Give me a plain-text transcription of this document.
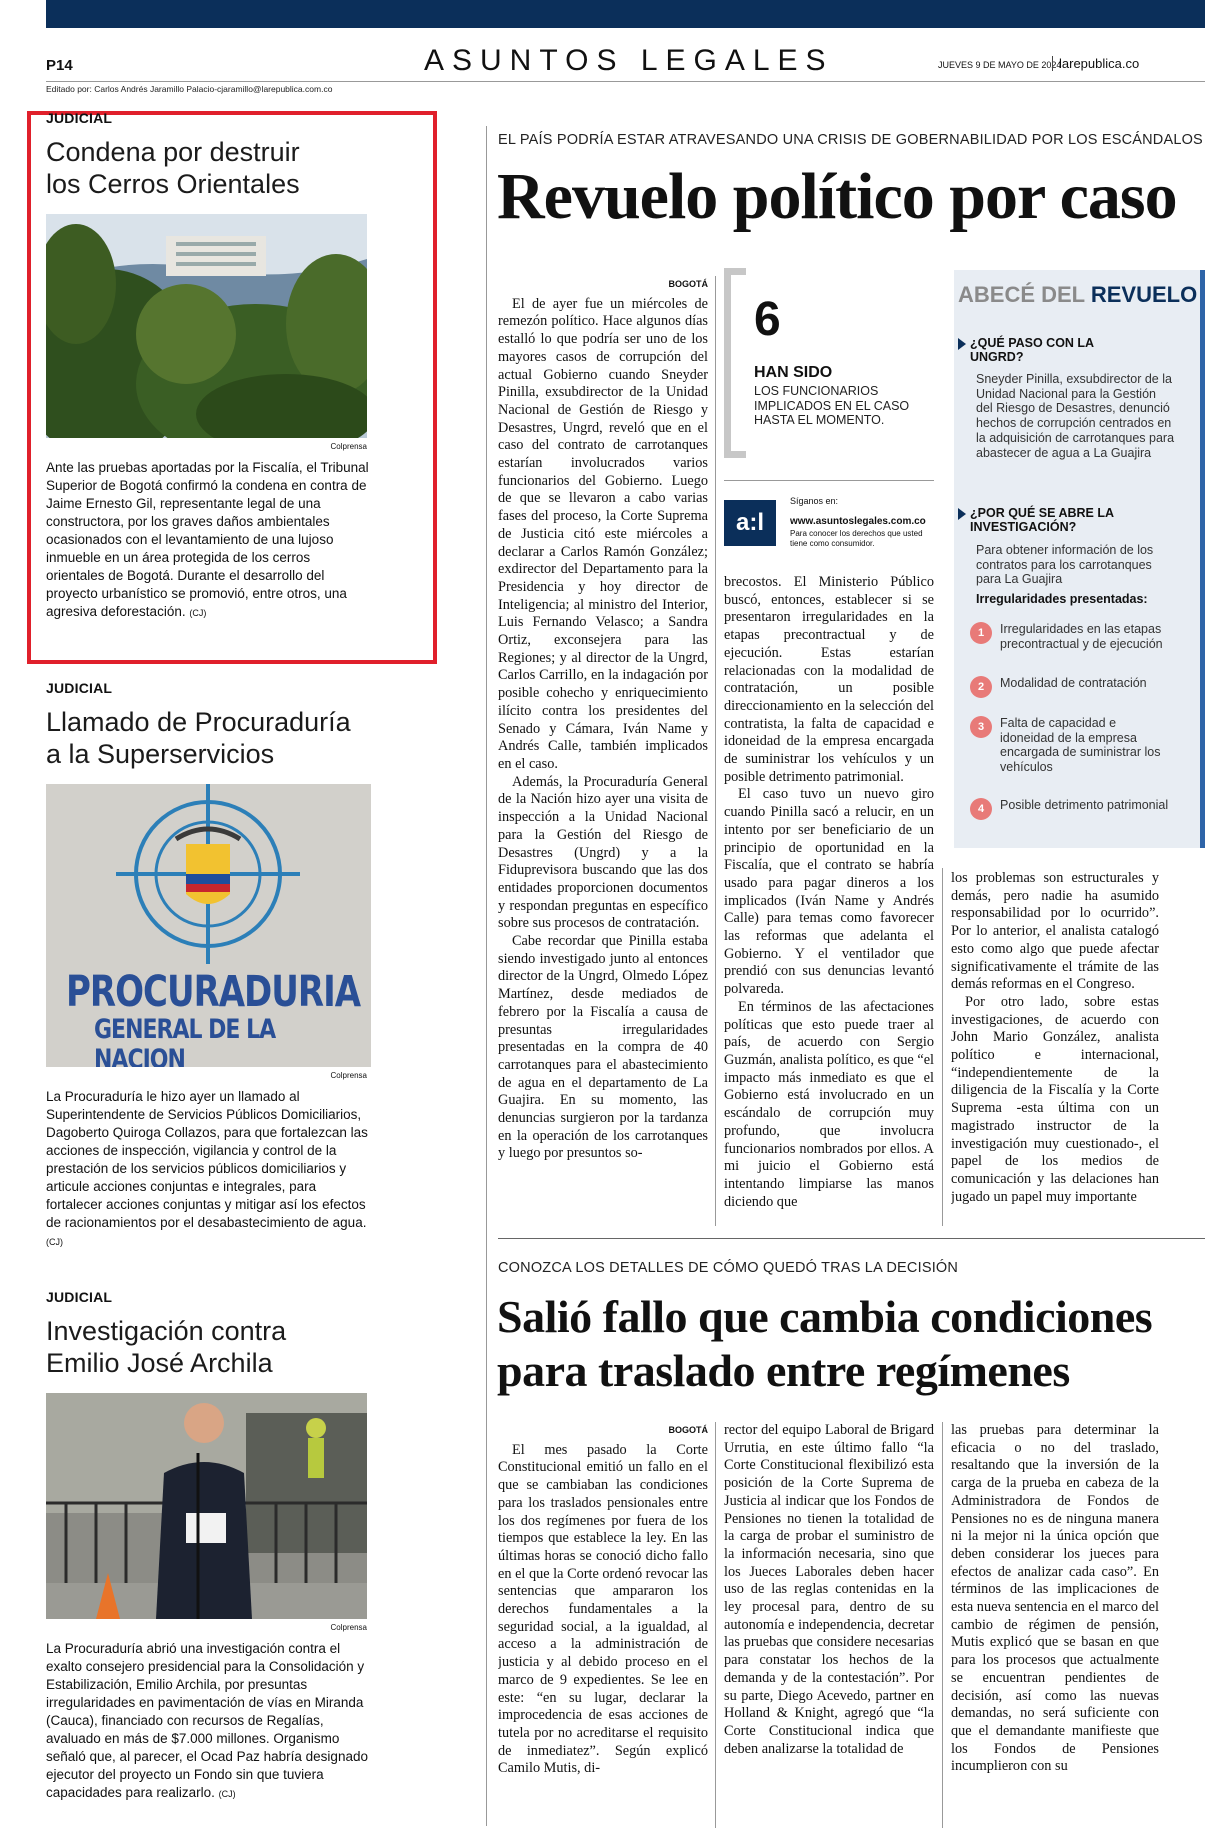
P14	ASUNTOS LEGALES	JUEVES 9 DE MAYO DE 2024
larepublica.co
Editado por: Carlos Andrés Jaramillo Palacio-cjaramillo@larepublica.com.co
JUDICIAL
Condena por destruir
los Cerros Orientales
Colprensa

Ante las pruebas aportadas por la Fiscalía, el Tribunal Superior de Bogotá confirmó la condena en contra de Jaime Ernesto Gil, representante legal de una constructora, por los graves daños ambientales ocasionados con el levantamiento de una lujoso inmueble en un área protegida de los cerros orientales de Bogotá. Durante el desarrollo del proyecto urbanístico se promovió, entre otros, una agresiva deforestación. (CJ)

JUDICIAL
Llamado de Procuraduría
a la Superservicios
PROCURADURIA
GENERAL DE LA NACION
Colprensa

La Procuraduría le hizo ayer un llamado al Superintendente de Servicios Públicos Domiciliarios, Dagoberto Quiroga Collazos, para que fortalezcan las acciones de inspección, vigilancia y control de la prestación de los servicios públicos domiciliarios y articule acciones conjuntas e integrales, para fortalecer acciones conjuntas y mitigar así los efectos de racionamientos por el desabastecimiento de agua. (CJ)

JUDICIAL
Investigación contra
Emilio José Archila
Colprensa

La Procuraduría abrió una investigación contra el exalto consejero presidencial para la Consolidación y Estabilización, Emilio Archila, por presuntas irregularidades en pavimentación de vías en Miranda (Cauca), financiado con recursos de Regalías, avaluado en más de $7.000 millones. Organismo señaló que, al parecer, el Ocad Paz habría designado ejecutor del proyecto un Fondo sin que tuviera capacidades para realizarlo. (CJ)

EL PAÍS PODRÍA ESTAR ATRAVESANDO UNA CRISIS DE GOBERNABILIDAD POR LOS ESCÁNDALOS
Revuelo político por caso

BOGOTÁ

El de ayer fue un miércoles de remezón político. Hace algunos días estalló lo que podría ser uno de los mayores casos de corrupción del actual Gobierno cuando Sneyder Pinilla, exsubdirector de la Unidad Nacional de Gestión de Riesgo y Desastres, Ungrd, reveló que en el caso del contrato de carrotanques estarían involucrados varios funcionarios del Gobierno. Luego de que se llevaron a cabo varias fases del proceso, la Corte Suprema de Justicia citó este miércoles a declarar a Carlos Ramón González; exdirector del Departamento para la Presidencia y hoy director de Inteligencia; al ministro del Interior, Luis Fernando Velasco; a Sandra Ortiz, exconsejera para las Regiones; y al director de la Ungrd, Carlos Carrillo, en la indagación por posible cohecho y enriquecimiento ilícito contra los presidentes del Senado y Cámara, Iván Name y Andrés Calle, también implicados en el caso.

Además, la Procuraduría General de la Nación hizo ayer una visita de inspección a la Unidad Nacional para la Gestión del Riesgo de Desastres (Ungrd) y a la Fiduprevisora buscando que las dos entidades proporcionen documentos y respondan preguntas en específico sobre sus procesos de contratación.

Cabe recordar que Pinilla estaba siendo investigado junto al entonces director de la Ungrd, Olmedo López Martínez, desde mediados de febrero por la Fiscalía a causa de presuntas irregularidades presentadas en la compra de 40 carrotanques para el abastecimiento de agua en el departamento de La Guajira. En su momento, las denuncias surgieron por la tardanza en la operación de los carrotanques y luego por presuntos so-

6
HAN SIDO
LOS FUNCIONARIOS IMPLICADOS EN EL CASO HASTA EL MOMENTO.
a:l
Síganos en:
www.asuntoslegales.com.co
Para conocer los derechos que usted tiene como consumidor.

brecostos. El Ministerio Público buscó, entonces, establecer si se presentaron irregularidades en la etapas precontractual y de ejecución. Estas estarían relacionadas con la modalidad de contratación, un posible direccionamiento en la selección del contratista, la falta de capacidad e idoneidad de la empresa encargada de suministrar los vehículos y un posible detrimento patrimonial.

El caso tuvo un nuevo giro cuando Pinilla sacó a relucir, en un intento por ser beneficiario de un principio de oportunidad en la Fiscalía, que el contrato se habría usado para pagar dineros a los implicados (Iván Name y Andrés Calle) para temas como favorecer las reformas que adelanta el Gobierno. Y el ventilador que prendió con sus denuncias levantó polvareda.

En términos de las afectaciones políticas que esto puede traer al país, de acuerdo con Sergio Guzmán, analista político, es que “el impacto más inmediato es que el Gobierno está involucrado en un escándalo de corrupción muy profundo, que involucra funcionarios nombrados por ellos. A mi juicio el Gobierno está intentando limpiarse las manos diciendo que

ABECÉ DEL REVUELO
¿QUÉ PASO CON LA UNGRD?
Sneyder Pinilla, exsubdirector de la Unidad Nacional para la Gestión del Riesgo de Desastres, denunció hechos de corrupción centrados en la adquisición de carrotanques para abastecer de agua a La Guajira
¿POR QUÉ SE ABRE LA INVESTIGACIÓN?
Para obtener información de los contratos para los carrotanques para La Guajira
Irregularidades presentadas:
1	Irregularidades en las etapas precontractual y de ejecución
2	Modalidad de contratación
3	Falta de capacidad e idoneidad de la empresa encargada de suministrar los vehículos
4	Posible detrimento patrimonial

los problemas son estructurales y demás, pero nadie ha asumido responsabilidad por lo ocurrido”. Por lo anterior, el analista catalogó esto como algo que puede afectar significativamente el trámite de las demás reformas en el Congreso.

Por otro lado, sobre estas investigaciones, de acuerdo con John Mario González, analista político e internacional, “independientemente de la diligencia de la Fiscalía y la Corte Suprema -esta última con un magistrado instructor de la investigación muy cuestionado-, el papel de los medios de comunicación y las delaciones han jugado un papel muy importante

CONOZCA LOS DETALLES DE CÓMO QUEDÓ TRAS LA DECISIÓN
Salió fallo que cambia condiciones
para traslado entre regímenes

BOGOTÁ

El mes pasado la Corte Constitucional emitió un fallo en el que se cambiaban las condiciones para los traslados pensionales entre los dos regímenes por fuera de los tiempos que establece la ley. En las últimas horas se conoció dicho fallo en el que la Corte ordenó revocar las sentencias que ampararon los derechos fundamentales a la seguridad social, a la igualdad, al acceso a la administración de justicia y al debido proceso en el marco de 9 expedientes. Se lee en este: “en su lugar, declarar la improcedencia de esas acciones de tutela por no acreditarse el requisito de inmediatez”. Según explicó Camilo Mutis, di-

rector del equipo Laboral de Brigard Urrutia, en este último fallo “la Corte Constitucional flexibilizó esta posición de la Corte Suprema de Justicia al indicar que los Fondos de Pensiones no tienen la totalidad de la carga de probar el suministro de la información necesaria, sino que los Jueces Laborales deben hacer uso de las reglas contenidas en la ley procesal para, dentro de su autonomía e independencia, decretar las pruebas que considere necesarias para constatar los hechos de la demanda y de la contestación”. Por su parte, Diego Acevedo, partner en Holland & Knight, agregó que “la Corte Constitucional indica que deben analizarse la totalidad de

las pruebas para determinar la eficacia o no del traslado, resaltando que la inversión de la carga de la prueba en cabeza de la Administradora de Fondos de Pensiones no es de ninguna manera ni la mejor ni la única opción que deben considerar los jueces para efectos de analizar cada caso”. En términos de las implicaciones de esta nueva sentencia en el marco del cambio de régimen de pensión, Mutis explicó que se basan en que para los procesos que actualmente se encuentran pendientes de decisión, así como las nuevas demandas, no será suficiente con que el demandante manifieste que los Fondos de Pensiones incumplieron con su
